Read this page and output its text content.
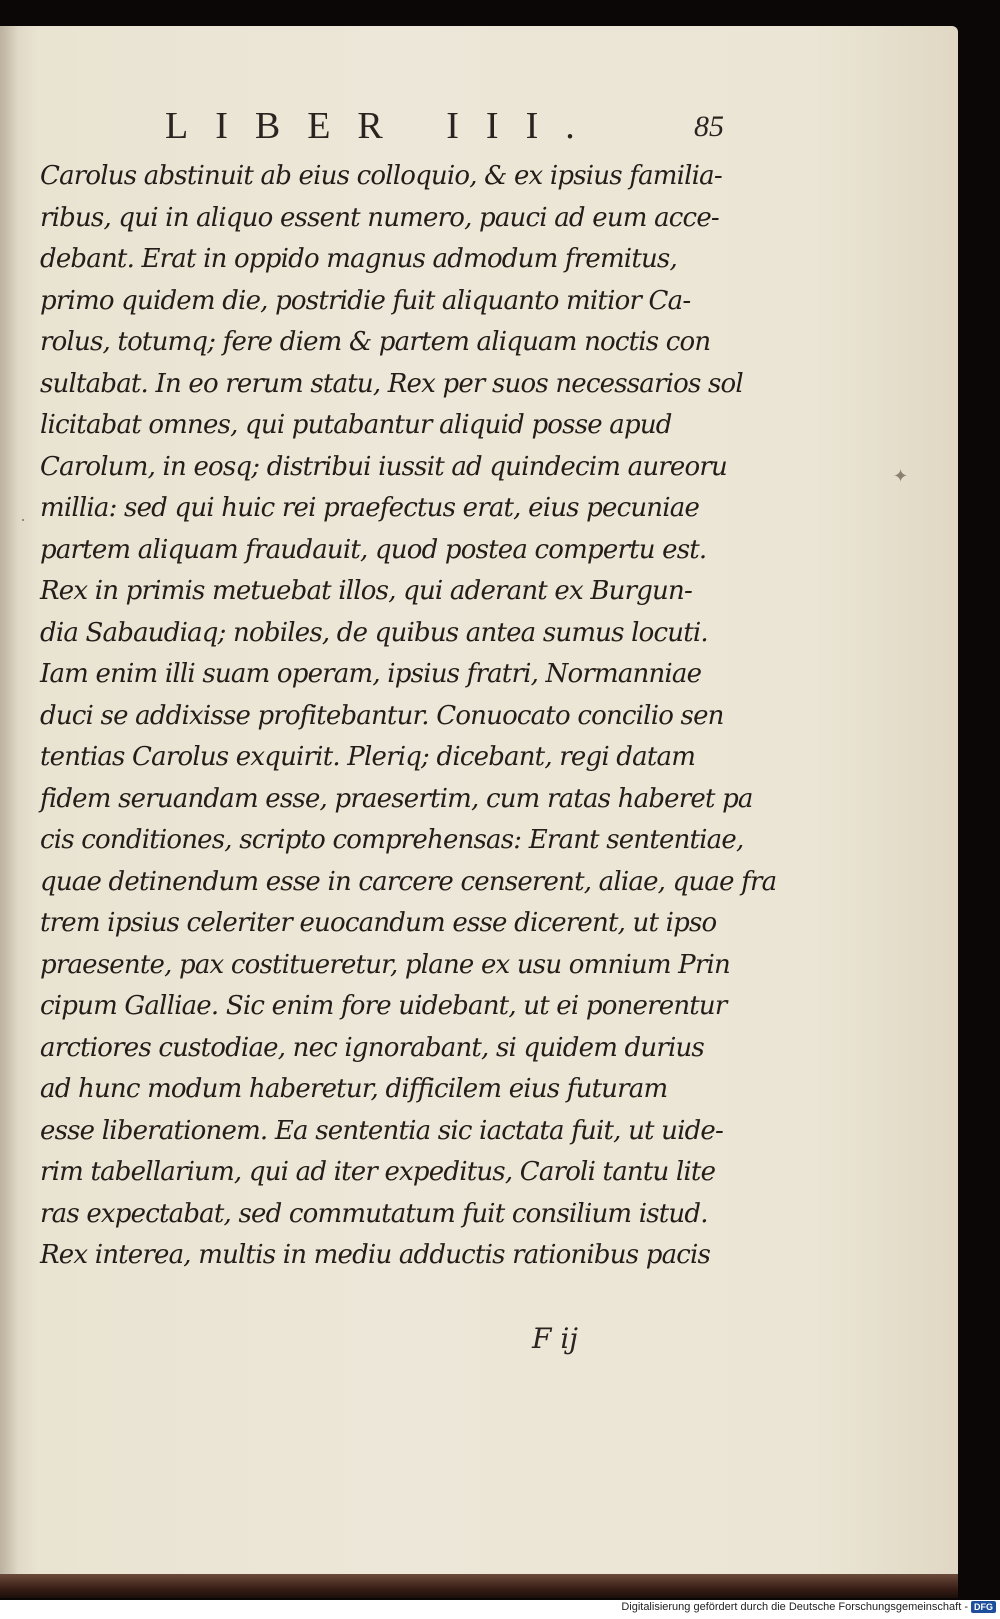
LIBER III.	85
Carolus abstinuit ab eius colloquio, & ex ipsius familia-
ribus, qui in aliquo essent numero, pauci ad eum acce-
debant. Erat in oppido magnus admodum fremitus,
primo quidem die, postridie fuit aliquanto mitior Ca-
rolus, totumq; fere diem & partem aliquam noctis con
sultabat. In eo rerum statu, Rex per suos necessarios sol
licitabat omnes, qui putabantur aliquid posse apud
Carolum, in eosq; distribui iussit ad quindecim aureoru
millia: sed qui huic rei praefectus erat, eius pecuniae
partem aliquam fraudauit, quod postea compertu est.
Rex in primis metuebat illos, qui aderant ex Burgun-
dia Sabaudiaq; nobiles, de quibus antea sumus locuti.
Iam enim illi suam operam, ipsius fratri, Normanniae
duci se addixisse profitebantur. Conuocato concilio sen
tentias Carolus exquirit. Pleriq; dicebant, regi datam
fidem seruandam esse, praesertim, cum ratas haberet pa
cis conditiones, scripto comprehensas: Erant sententiae,
quae detinendum esse in carcere censerent, aliae, quae fra
trem ipsius celeriter euocandum esse dicerent, ut ipso
praesente, pax costitueretur, plane ex usu omnium Prin
cipum Galliae. Sic enim fore uidebant, ut ei ponerentur
arctiores custodiae, nec ignorabant, si quidem durius
ad hunc modum haberetur, difficilem eius futuram
esse liberationem. Ea sententia sic iactata fuit, ut uide-
rim tabellarium, qui ad iter expeditus, Caroli tantu lite
ras expectabat, sed commutatum fuit consilium istud.
Rex interea, multis in mediu adductis rationibus pacis
F ij
✦
·
Digitalisierung gefördert durch die Deutsche Forschungsgemeinschaft - DFG
